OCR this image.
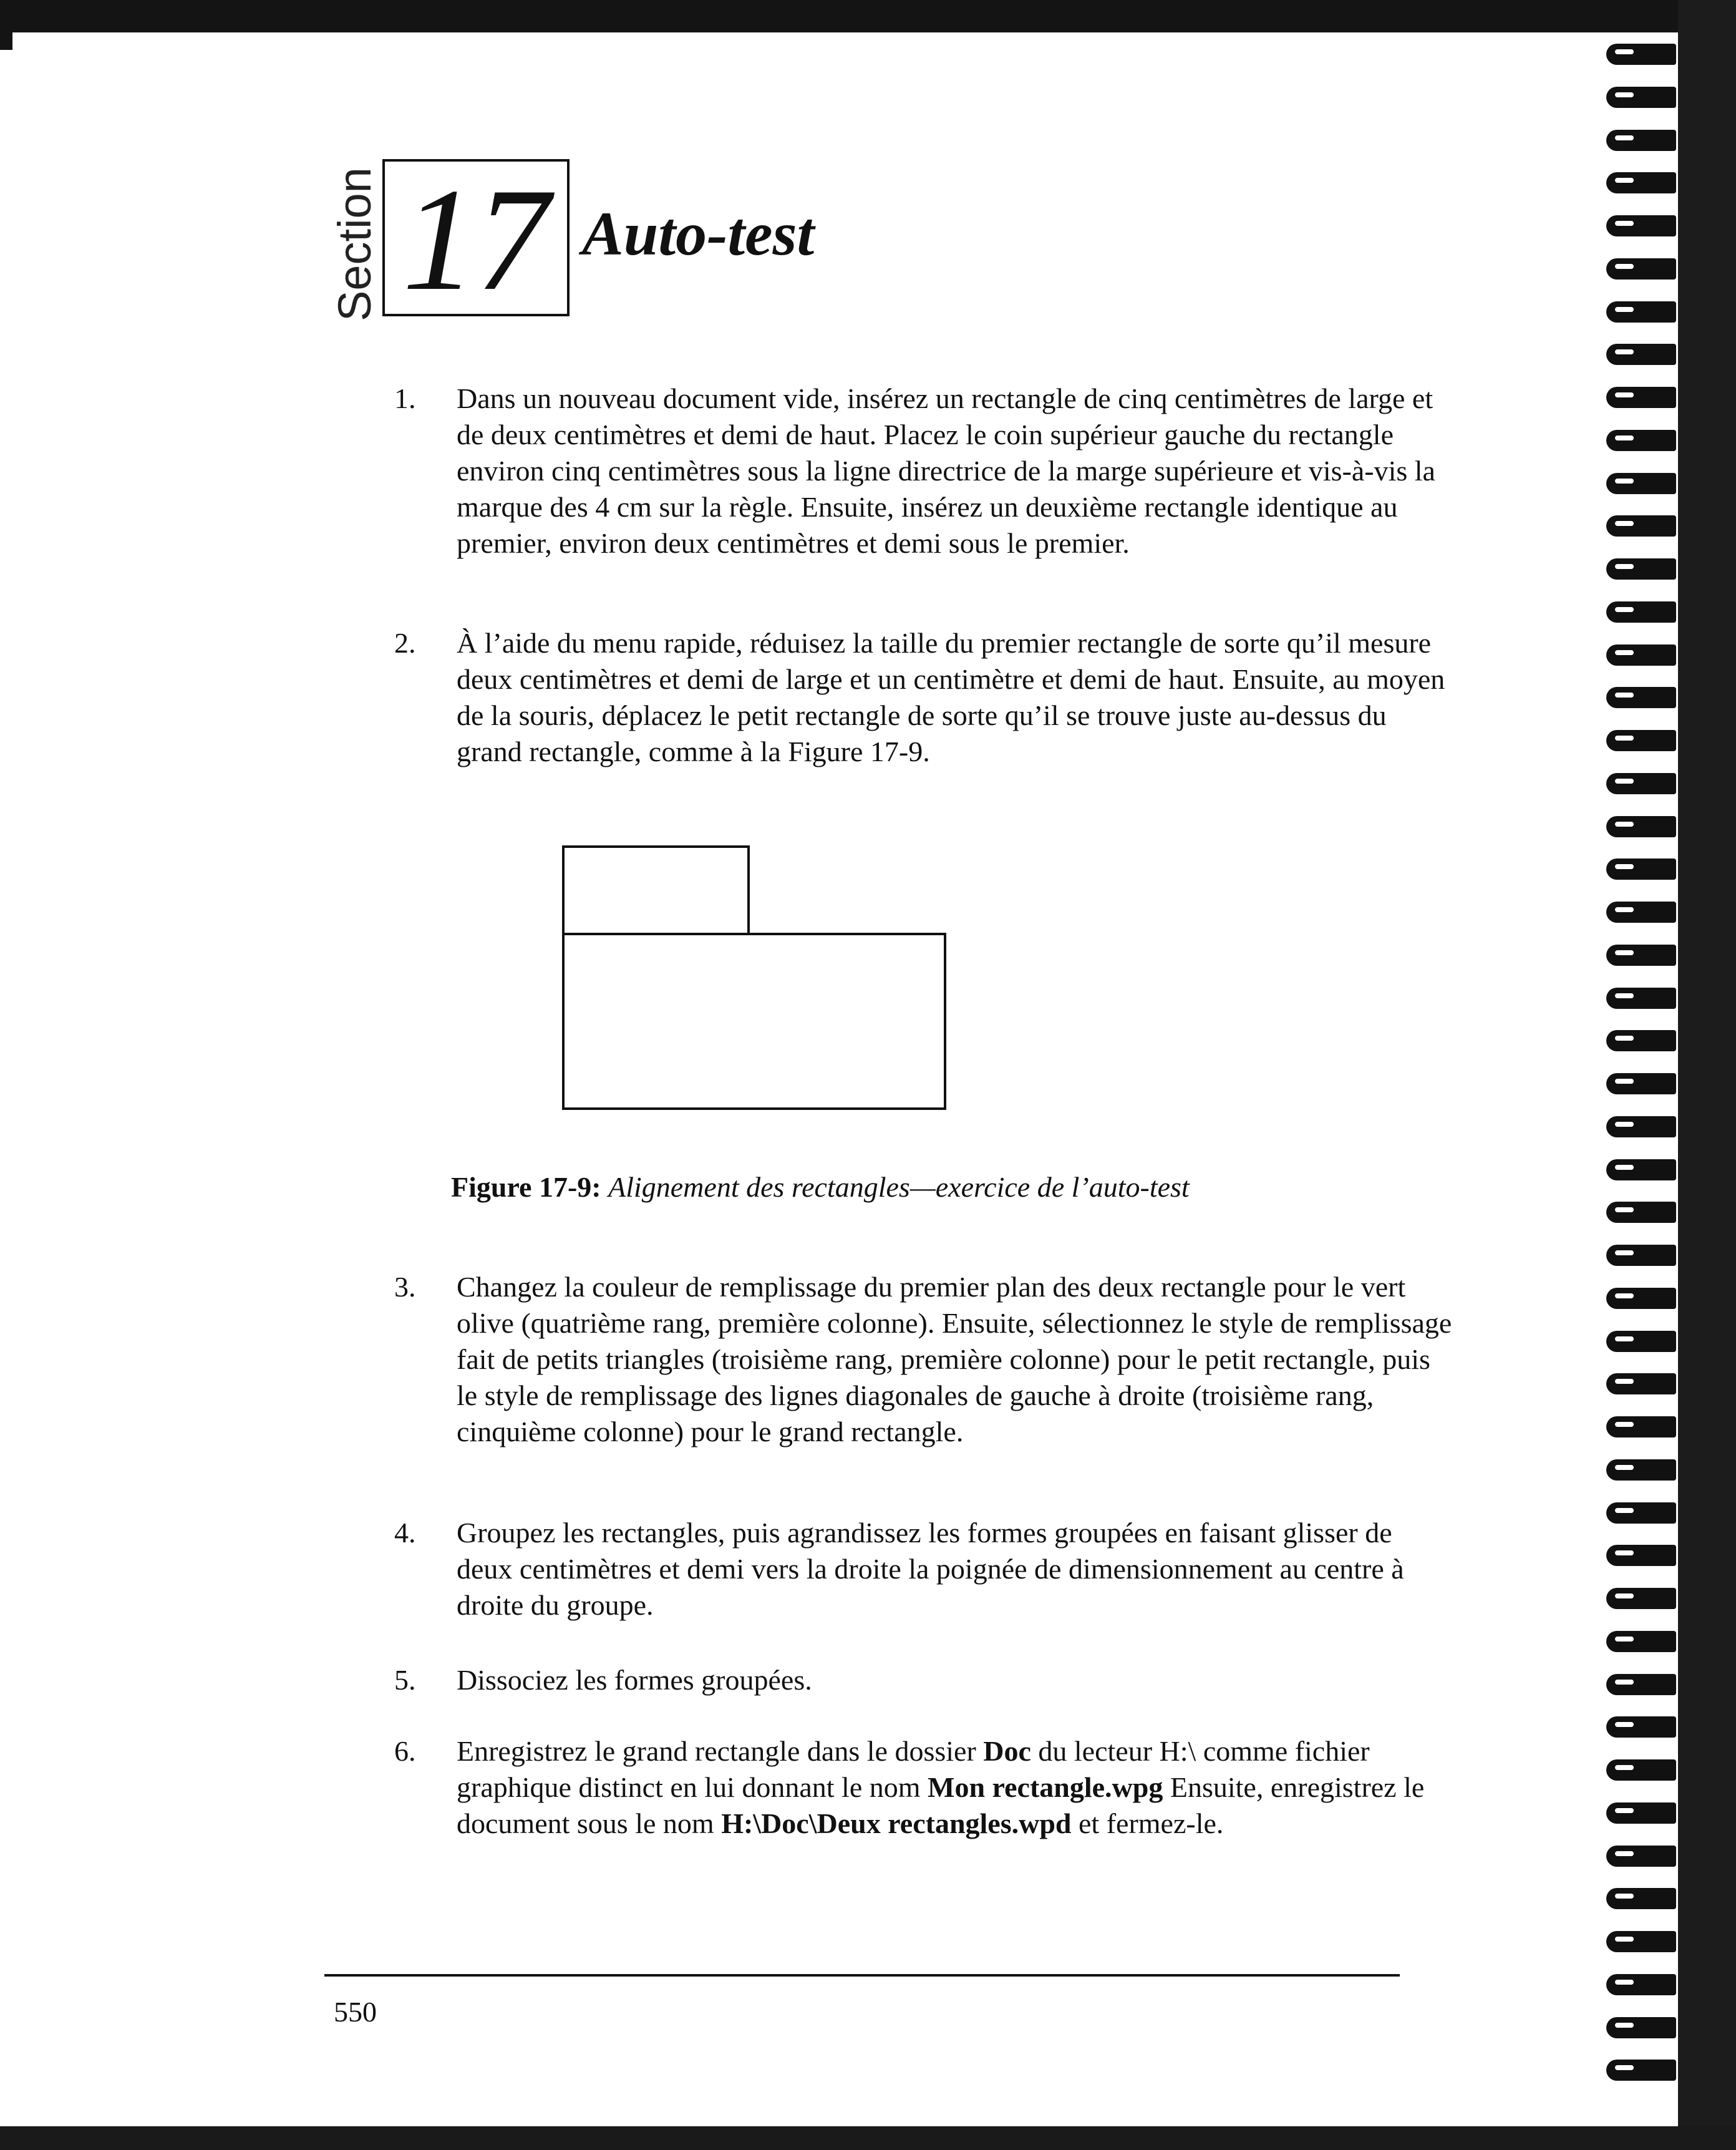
Section 17 Auto-test
1. Dans un nouveau document vide, insérez un rectangle de cinq centimètres de large et de deux centimètres et demi de haut. Placez le coin supérieur gauche du rectangle environ cinq centimètres sous la ligne directrice de la marge supérieure et vis-à-vis la marque des 4 cm sur la règle. Ensuite, insérez un deuxième rectangle identique au premier, environ deux centimètres et demi sous le premier.
2. À l’aide du menu rapide, réduisez la taille du premier rectangle de sorte qu’il mesure deux centimètres et demi de large et un centimètre et demi de haut. Ensuite, au moyen de la souris, déplacez le petit rectangle de sorte qu’il se trouve juste au-dessus du grand rectangle, comme à la Figure 17-9.
Figure 17-9: Alignement des rectangles—exercice de l’auto-test
3. Changez la couleur de remplissage du premier plan des deux rectangle pour le vert olive (quatrième rang, première colonne). Ensuite, sélectionnez le style de remplissage fait de petits triangles (troisième rang, première colonne) pour le petit rectangle, puis le style de remplissage des lignes diagonales de gauche à droite (troisième rang, cinquième colonne) pour le grand rectangle.
4. Groupez les rectangles, puis agrandissez les formes groupées en faisant glisser de deux centimètres et demi vers la droite la poignée de dimensionnement au centre à droite du groupe.
5. Dissociez les formes groupées.
6. Enregistrez le grand rectangle dans le dossier Doc du lecteur H:\ comme fichier graphique distinct en lui donnant le nom Mon rectangle.wpg Ensuite, enregistrez le document sous le nom H:\Doc\Deux rectangles.wpd et fermez-le.
550
